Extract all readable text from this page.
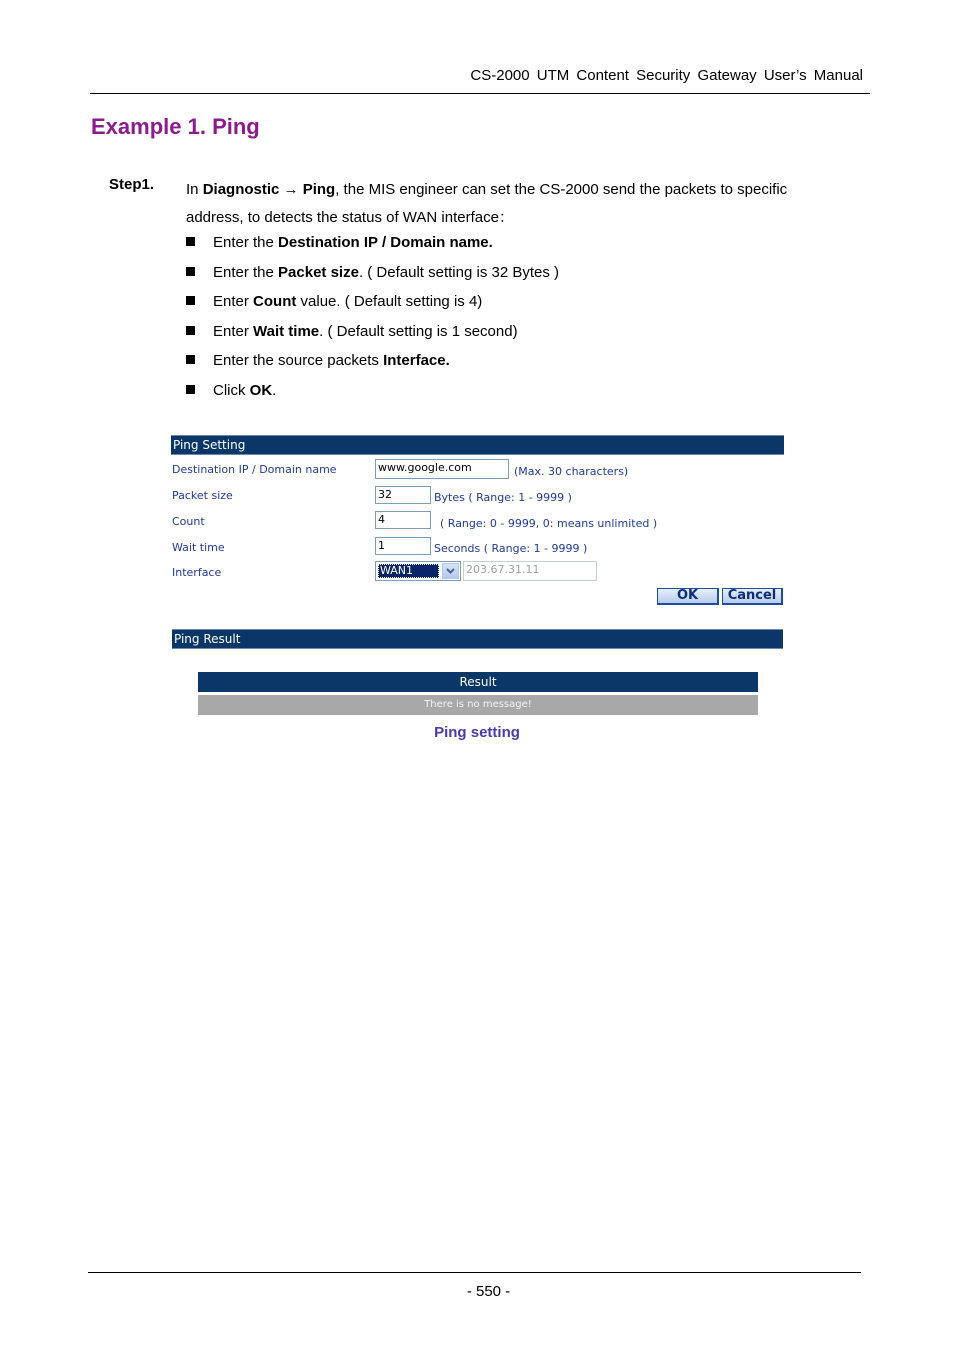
CS-2000 UTM Content Security Gateway User’s Manual
Example 1. Ping
Step1. In Diagnostic → Ping, the MIS engineer can set the CS-2000 send the packets to specific address, to detects the status of WAN interface：
Enter the Destination IP / Domain name.
Enter the Packet size. ( Default setting is 32 Bytes )
Enter Count value. ( Default setting is 4)
Enter Wait time. ( Default setting is 1 second)
Enter the source packets Interface.
Click OK.
Ping Setting
Destination IP / Domain name	www.google.com	(Max. 30 characters)
Packet size	32	Bytes ( Range: 1 - 9999 )
Count	4	( Range: 0 - 9999, 0: means unlimited )
Wait time	1	Seconds ( Range: 1 - 9999 )
Interface	WAN1	203.67.31.11
OK	Cancel
Ping Result
Result
There is no message!
Ping setting
- 550 -
